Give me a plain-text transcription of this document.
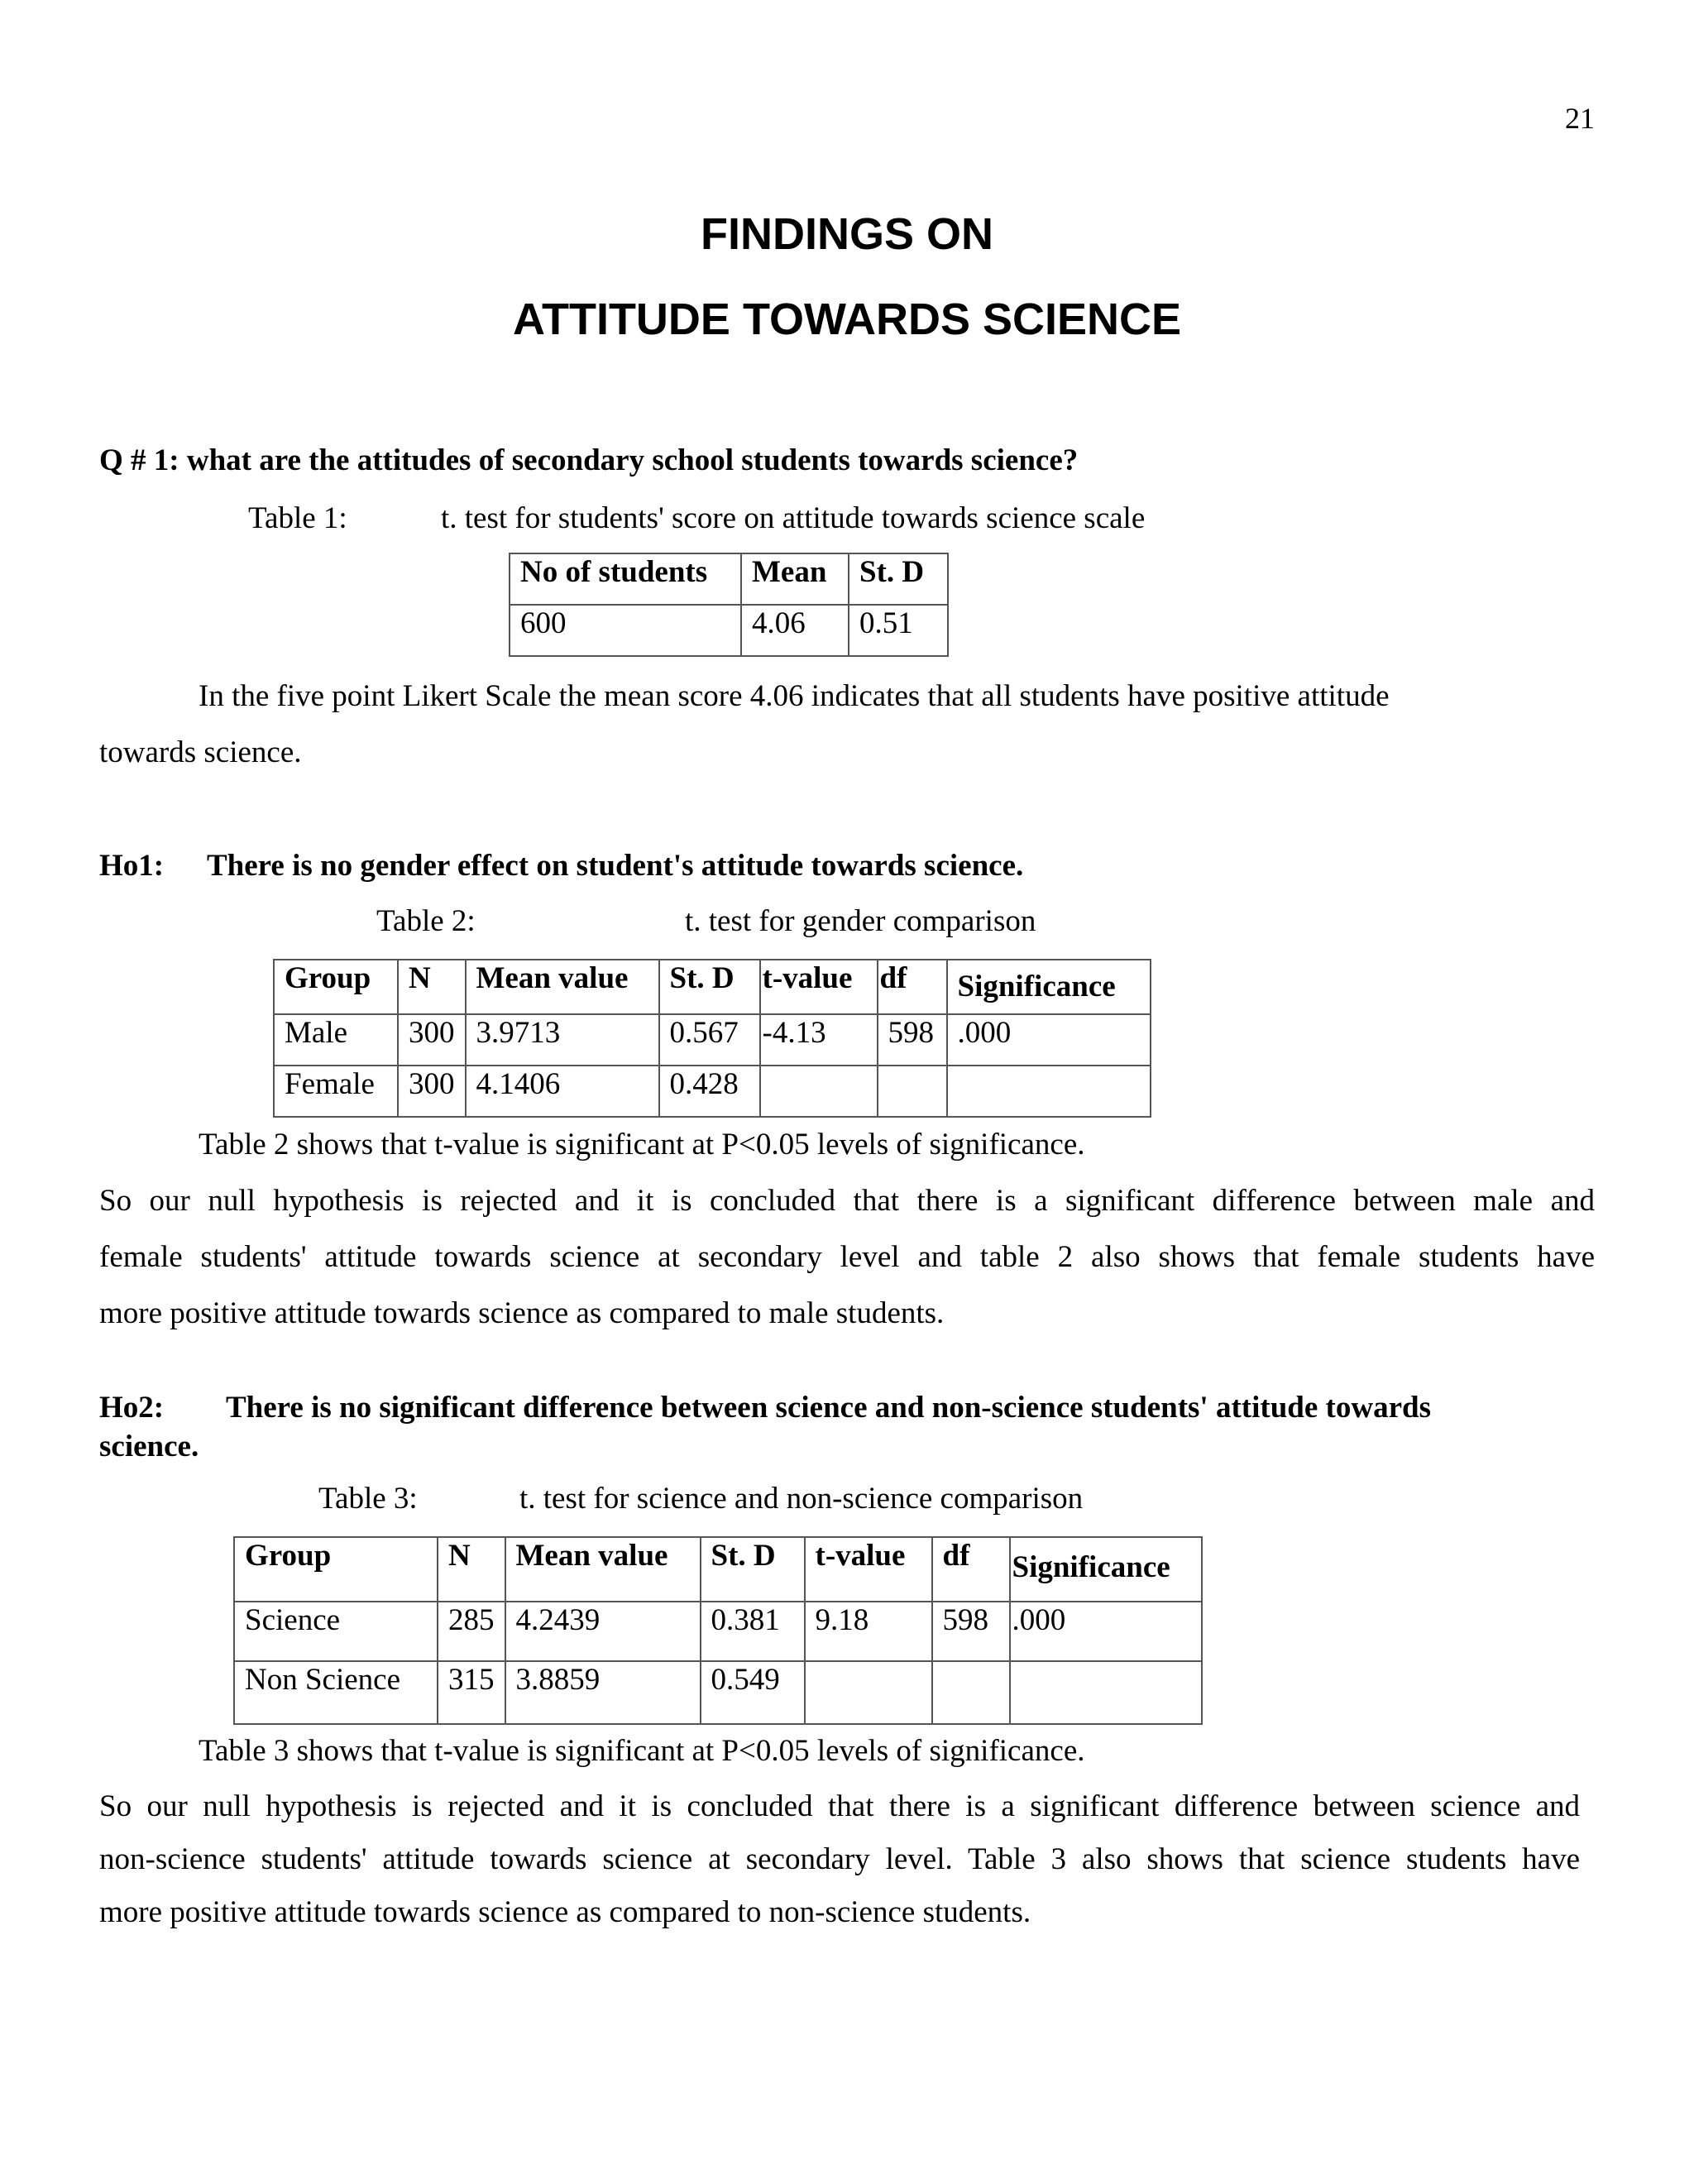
21
FINDINGS ON
ATTITUDE TOWARDS SCIENCE
Q # 1: what are the attitudes of secondary school students towards science?
Table 1:	t. test for students' score on attitude towards science scale
No of students	Mean	St. D
600	4.06	0.51
In the five point Likert Scale the mean score 4.06 indicates that all students have positive attitude
towards science.
Ho1: There is no gender effect on student's attitude towards science.
Table 2:	t. test for gender comparison
Group	N	Mean value	St. D	t-value	df	Significance
Male	300	3.9713	0.567	-4.13	598	.000
Female	300	4.1406	0.428			
Table 2 shows that t-value is significant at P<0.05 levels of significance.
So our null hypothesis is rejected and it is concluded that there is a significant difference between male and
female students' attitude towards science at secondary level and table 2 also shows that female students have
more positive attitude towards science as compared to male students.
Ho2: There is no significant difference between science and non-science students' attitude towards
science.
Table 3:	t. test for science and non-science comparison
Group	N	Mean value	St. D	t-value	df	Significance
Science	285	4.2439	0.381	9.18	598	.000
Non Science	315	3.8859	0.549			
Table 3 shows that t-value is significant at P<0.05 levels of significance.
So our null hypothesis is rejected and it is concluded that there is a significant difference between science and
non-science students' attitude towards science at secondary level. Table 3 also shows that science students have
more positive attitude towards science as compared to non-science students.
